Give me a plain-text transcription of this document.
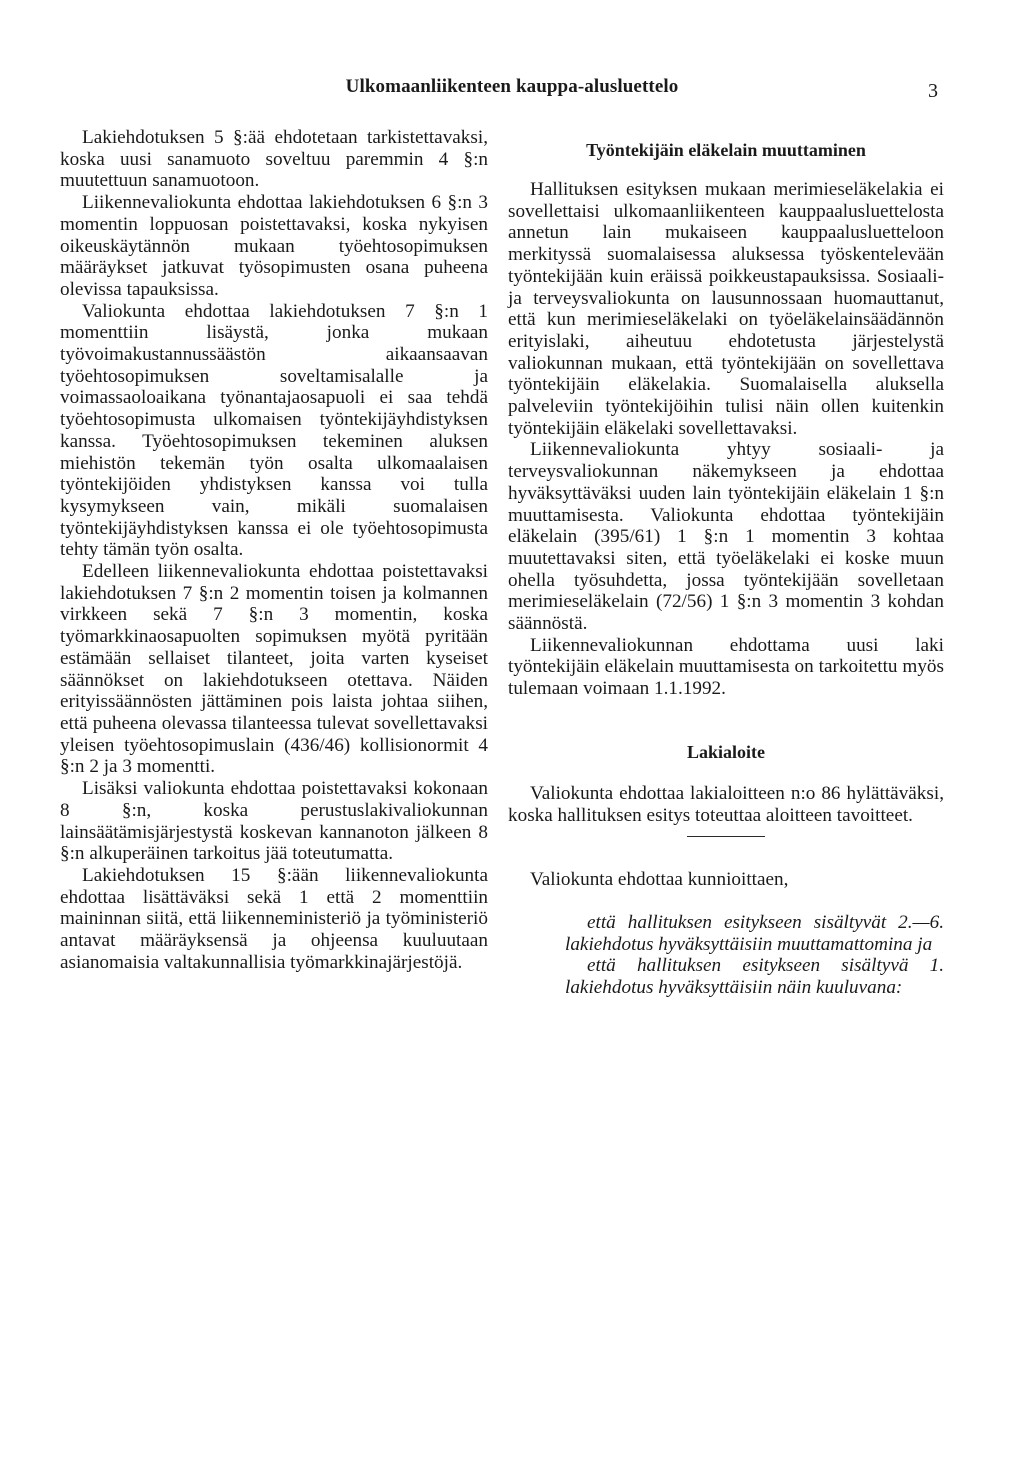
Ulkomaanliikenteen kauppa-alusluettelo	3

Lakiehdotuksen 5 §:ää ehdotetaan tarkistettavaksi, koska uusi sanamuoto soveltuu paremmin 4 §:n muutettuun sanamuotoon.

Liikennevaliokunta ehdottaa lakiehdotuksen 6 §:n 3 momentin loppuosan poistettavaksi, koska nykyisen oikeuskäytännön mukaan työehtosopimuksen määräykset jatkuvat työsopimusten osana puheena olevissa tapauksissa.

Valiokunta ehdottaa lakiehdotuksen 7 §:n 1 momenttiin lisäystä, jonka mukaan työvoimakustannussäästön aikaansaavan työehtosopimuksen soveltamisalalle ja voimassaoloaikana työnantajaosapuoli ei saa tehdä työehtosopimusta ulkomaisen työntekijäyhdistyksen kanssa. Työehtosopimuksen tekeminen aluksen miehistön tekemän työn osalta ulkomaalaisen työntekijöiden yhdistyksen kanssa voi tulla kysymykseen vain, mikäli suomalaisen työntekijäyhdistyksen kanssa ei ole työehtosopimusta tehty tämän työn osalta.

Edelleen liikennevaliokunta ehdottaa poistettavaksi lakiehdotuksen 7 §:n 2 momentin toisen ja kolmannen virkkeen sekä 7 §:n 3 momentin, koska työmarkkinaosapuolten sopimuksen myötä pyritään estämään sellaiset tilanteet, joita varten kyseiset säännökset on lakiehdotukseen otettava. Näiden erityissäännösten jättäminen pois laista johtaa siihen, että puheena olevassa tilanteessa tulevat sovellettavaksi yleisen työehtosopimuslain (436/46) kollisionormit 4 §:n 2 ja 3 momentti.

Lisäksi valiokunta ehdottaa poistettavaksi kokonaan 8 §:n, koska perustuslakivaliokunnan lainsäätämisjärjestystä koskevan kannanoton jälkeen 8 §:n alkuperäinen tarkoitus jää toteutumatta.

Lakiehdotuksen 15 §:ään liikennevaliokunta ehdottaa lisättäväksi sekä 1 että 2 momenttiin maininnan siitä, että liikenneministeriö ja työministeriö antavat määräyksensä ja ohjeensa kuuluutaan asianomaisia valtakunnallisia työmarkkinajärjestöjä.

Työntekijäin eläkelain muuttaminen

Hallituksen esityksen mukaan merimieseläkelakia ei sovellettaisi ulkomaanliikenteen kauppaalusluettelosta annetun lain mukaiseen kauppaalusluetteloon merkityssä suomalaisessa aluksessa työskentelevään työntekijään kuin eräissä poikkeustapauksissa. Sosiaali- ja terveysvaliokunta on lausunnossaan huomauttanut, että kun merimieseläkelaki on työeläkelainsäädännön erityislaki, aiheutuu ehdotetusta järjestelystä valiokunnan mukaan, että työntekijään on sovellettava työntekijäin eläkelakia. Suomalaisella aluksella palveleviin työntekijöihin tulisi näin ollen kuitenkin työntekijäin eläkelaki sovellettavaksi.

Liikennevaliokunta yhtyy sosiaali- ja terveysvaliokunnan näkemykseen ja ehdottaa hyväksyttäväksi uuden lain työntekijäin eläkelain 1 §:n muuttamisesta. Valiokunta ehdottaa työntekijäin eläkelain (395/61) 1 §:n 1 momentin 3 kohtaa muutettavaksi siten, että työeläkelaki ei koske muun ohella työsuhdetta, jossa työntekijään sovelletaan merimieseläkelain (72/56) 1 §:n 3 momentin 3 kohdan säännöstä.

Liikennevaliokunnan ehdottama uusi laki työntekijäin eläkelain muuttamisesta on tarkoitettu myös tulemaan voimaan 1.1.1992.

Lakialoite

Valiokunta ehdottaa lakialoitteen n:o 86 hylättäväksi, koska hallituksen esitys toteuttaa aloitteen tavoitteet.

Valiokunta ehdottaa kunnioittaen,

että hallituksen esitykseen sisältyvät 2.—6. lakiehdotus hyväksyttäisiin muuttamattomina ja

että hallituksen esitykseen sisältyvä 1. lakiehdotus hyväksyttäisiin näin kuuluvana:
